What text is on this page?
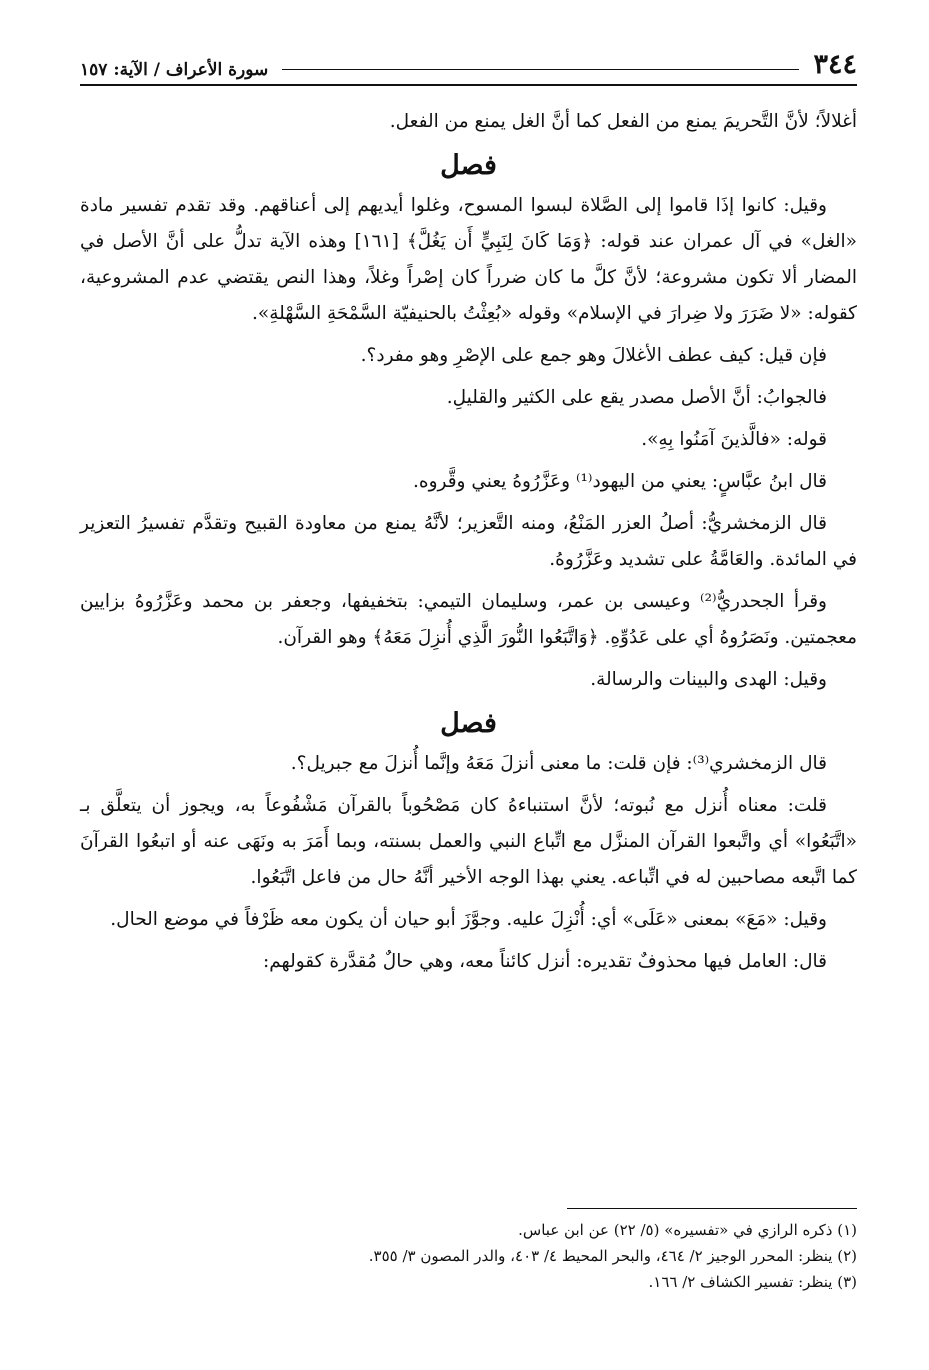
٣٤٤
سورة الأعراف / الآية: ١٥٧

أغلالاً؛ لأنَّ التَّحريمَ يمنع من الفعل كما أنَّ الغل يمنع من الفعل.

فصل

وقيل: كانوا إذَا قاموا إلى الصَّلاة لبسوا المسوح، وغلوا أيديهم إلى أعناقهم. وقد تقدم تفسير مادة «الغل» في آل عمران عند قوله: ﴿وَمَا كَانَ لِنَبِيٍّ أَن يَغُلَّ﴾ [١٦١] وهذه الآية تدلُّ على أنَّ الأصل في المضار ألا تكون مشروعة؛ لأنَّ كلَّ ما كان ضرراً كان إصْراً وغلاً، وهذا النص يقتضي عدم المشروعية، كقوله: «لا ضَرَرَ ولا ضِرارَ في الإسلام» وقوله «بُعِثْتُ بالحنيفيّة السَّمْحَةِ السَّهْلةِ».

فإن قيل: كيف عطف الأغلالَ وهو جمع على الإصْرِ وهو مفرد؟.

فالجوابُ: أنَّ الأصل مصدر يقع على الكثير والقليلِ.

قوله: «فالَّذينَ آمَنُوا بِهِ».

قال ابنُ عبَّاسٍ: يعني من اليهود⁽¹⁾ وعَزَّرُوهُ يعني وقَّروه.

قال الزمخشريُّ: أصلُ العزر المَنْعُ، ومنه التَّعزير؛ لأنَّهُ يمنع من معاودة القبيح وتقدَّم تفسيرُ التعزير في المائدة. والعَامَّةُ على تشديد وعَزَّرُوهُ.

وقرأ الجحدريُّ⁽²⁾ وعيسى بن عمر، وسليمان التيمي: بتخفيفها، وجعفر بن محمد وعَزَّرُوهُ بزايين معجمتين. ونَصَرُوهُ أي على عَدُوِّهِ. ﴿وَاتَّبَعُوا النُّورَ الَّذِي أُنزِلَ مَعَهُ﴾ وهو القرآن.

وقيل: الهدى والبينات والرسالة.

فصل

قال الزمخشري⁽³⁾: فإن قلت: ما معنى أنزلَ مَعَهُ وإنَّما أُنزلَ مع جبريل؟.

قلت: معناه أُنزل مع نُبوته؛ لأنَّ استنباءهُ كان مَصْحُوباً بالقرآن مَشْفُوعاً به، ويجوز أن يتعلَّق بـ «اتَّبَعُوا» أي واتَّبعوا القرآن المنزَّل مع اتِّباع النبي والعمل بسنته، وبما أَمَرَ به ونَهَى عنه أو اتبعُوا القرآنَ كما اتَّبعه مصاحبين له في اتِّباعه. يعني بهذا الوجه الأخير أنَّهُ حال من فاعل اتَّبَعُوا.

وقيل: «مَعَ» بمعنى «عَلَى» أي: أُنْزِلَ عليه. وجوَّزَ أبو حيان أن يكون معه ظَرْفاً في موضع الحال.

قال: العامل فيها محذوفٌ تقديره: أنزل كائناً معه، وهي حالٌ مُقدَّرة كقولهم:

(١) ذكره الرازي في «تفسيره» (٥/ ٢٢) عن ابن عباس.

(٢) ينظر: المحرر الوجيز ٢/ ٤٦٤، والبحر المحيط ٤/ ٤٠٣، والدر المصون ٣/ ٣٥٥.

(٣) ينظر: تفسير الكشاف ٢/ ١٦٦.
